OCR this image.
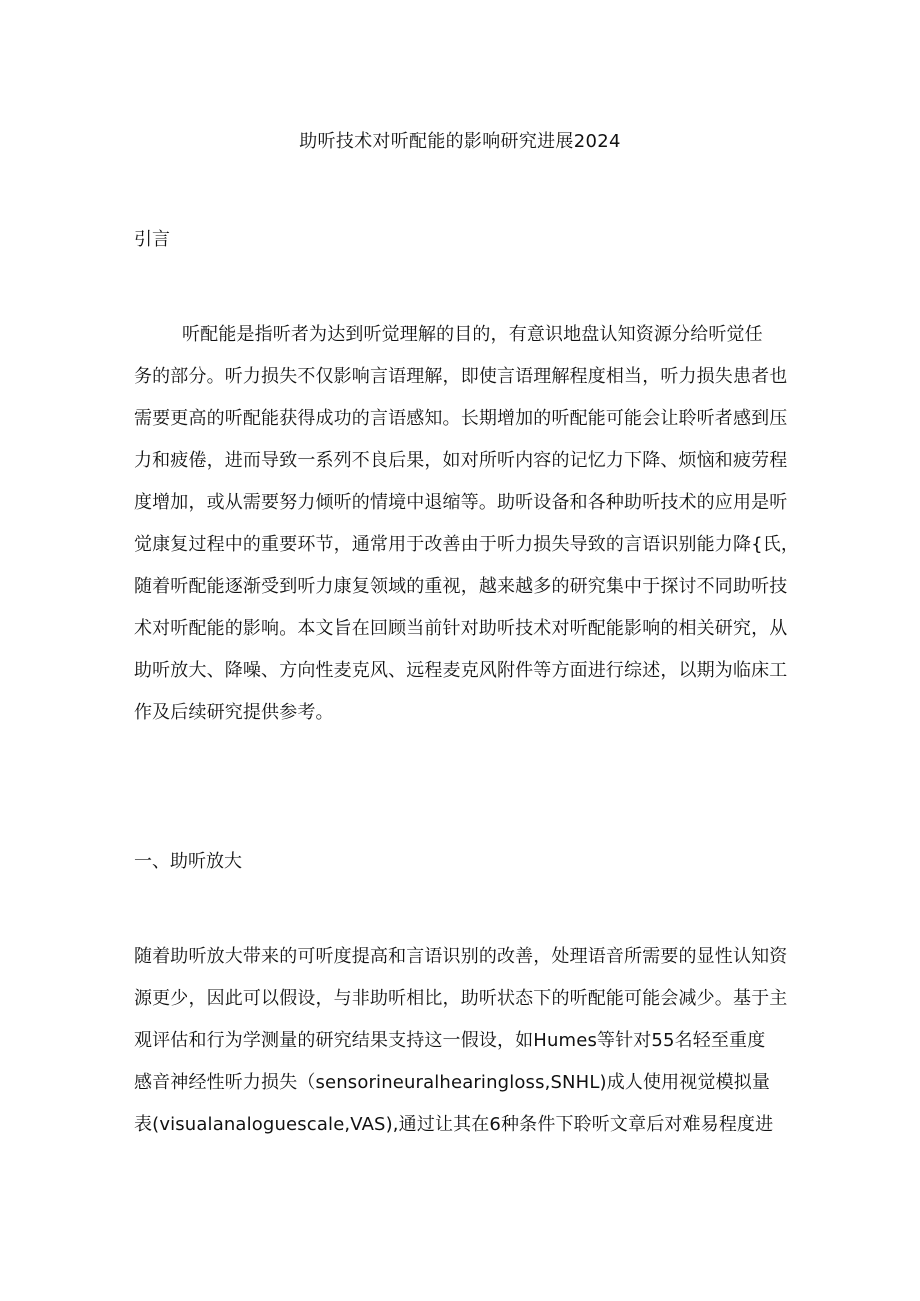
助听技术对听配能的影响研究进展2024
引言
听配能是指听者为达到听觉理解的目的，有意识地盘认知资源分给听觉任
务的部分。听力损失不仅影响言语理解，即使言语理解程度相当，听力损失患者也
需要更高的听配能获得成功的言语感知。长期增加的听配能可能会让聆听者感到压
力和疲倦，进而导致一系列不良后果，如对所听内容的记忆力下降、烦恼和疲劳程
度增加，或从需要努力倾听的情境中退缩等。助听设备和各种助听技术的应用是听
觉康复过程中的重要环节，通常用于改善由于听力损失导致的言语识别能力降{氏，
随着听配能逐渐受到听力康复领域的重视，越来越多的研究集中于探讨不同助听技
术对听配能的影响。本文旨在回顾当前针对助听技术对听配能影响的相关研究，从
助听放大、降噪、方向性麦克风、远程麦克风附件等方面进行综述，以期为临床工
作及后续研究提供参考。
一、助听放大
随着助听放大带来的可听度提高和言语识别的改善，处理语音所需要的显性认知资
源更少，因此可以假设，与非助听相比，助听状态下的听配能可能会减少。基于主
观评估和行为学测量的研究结果支持这一假设，如Humes等针对55名轻至重度
感音神经性听力损失（sensorineuralhearingloss,SNHL)成人使用视觉模拟量
表(visualanaloguescale,VAS),通过让其在6种条件下聆听文章后对难易程度进
